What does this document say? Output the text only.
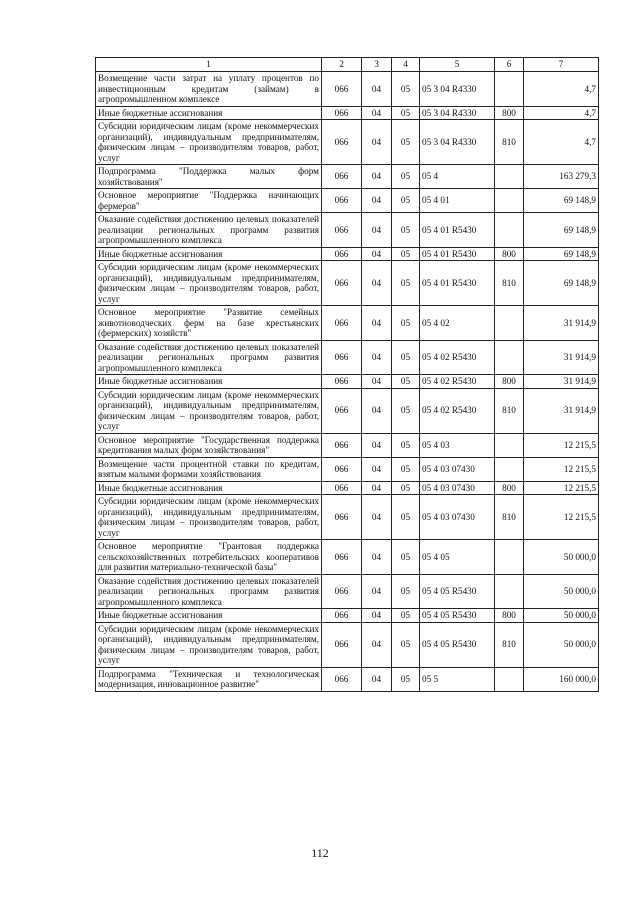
1	2	3	4	5	6	7
Возмещение части затрат на уплату процентов по инвестиционным кредитам (займам) в агропромышленном комплексе	066	04	05	05 3 04 R4330		4,7
Иные бюджетные ассигнования	066	04	05	05 3 04 R4330	800	4,7
Субсидии юридическим лицам (кроме некоммерческих организаций), индивидуальным предпринимателям, физическим лицам – производителям товаров, работ, услуг	066	04	05	05 3 04 R4330	810	4,7
Подпрограмма "Поддержка малых форм хозяйствования"	066	04	05	05 4		163 279,3
Основное мероприятие "Поддержка начинающих фермеров"	066	04	05	05 4 01		69 148,9
Оказание содействия достижению целевых показателей реализации региональных программ развития агропромышленного комплекса	066	04	05	05 4 01 R5430		69 148,9
Иные бюджетные ассигнования	066	04	05	05 4 01 R5430	800	69 148,9
Субсидии юридическим лицам (кроме некоммерческих организаций), индивидуальным предпринимателям, физическим лицам – производителям товаров, работ, услуг	066	04	05	05 4 01 R5430	810	69 148,9
Основное мероприятие "Развитие семейных животноводческих ферм на базе крестьянских (фермерских) хозяйств"	066	04	05	05 4 02		31 914,9
Оказание содействия достижению целевых показателей реализации региональных программ развития агропромышленного комплекса	066	04	05	05 4 02 R5430		31 914,9
Иные бюджетные ассигнования	066	04	05	05 4 02 R5430	800	31 914,9
Субсидии юридическим лицам (кроме некоммерческих организаций), индивидуальным предпринимателям, физическим лицам – производителям товаров, работ, услуг	066	04	05	05 4 02 R5430	810	31 914,9
Основное мероприятие "Государственная поддержка кредитования малых форм хозяйствования"	066	04	05	05 4 03		12 215,5
Возмещение части процентной ставки по кредитам, взятым малыми формами хозяйствования	066	04	05	05 4 03 07430		12 215,5
Иные бюджетные ассигнования	066	04	05	05 4 03 07430	800	12 215,5
Субсидии юридическим лицам (кроме некоммерческих организаций), индивидуальным предпринимателям, физическим лицам – производителям товаров, работ, услуг	066	04	05	05 4 03 07430	810	12 215,5
Основное мероприятие "Грантовая поддержка сельскохозяйственных потребительских кооперативов для развития материально-технической базы"	066	04	05	05 4 05		50 000,0
Оказание содействия достижению целевых показателей реализации региональных программ развития агропромышленного комплекса	066	04	05	05 4 05 R5430		50 000,0
Иные бюджетные ассигнования	066	04	05	05 4 05 R5430	800	50 000,0
Субсидии юридическим лицам (кроме некоммерческих организаций), индивидуальным предпринимателям, физическим лицам – производителям товаров, работ, услуг	066	04	05	05 4 05 R5430	810	50 000,0
Подпрограмма "Техническая и технологическая модернизация, инновационное развитие"	066	04	05	05 5		160 000,0
112
